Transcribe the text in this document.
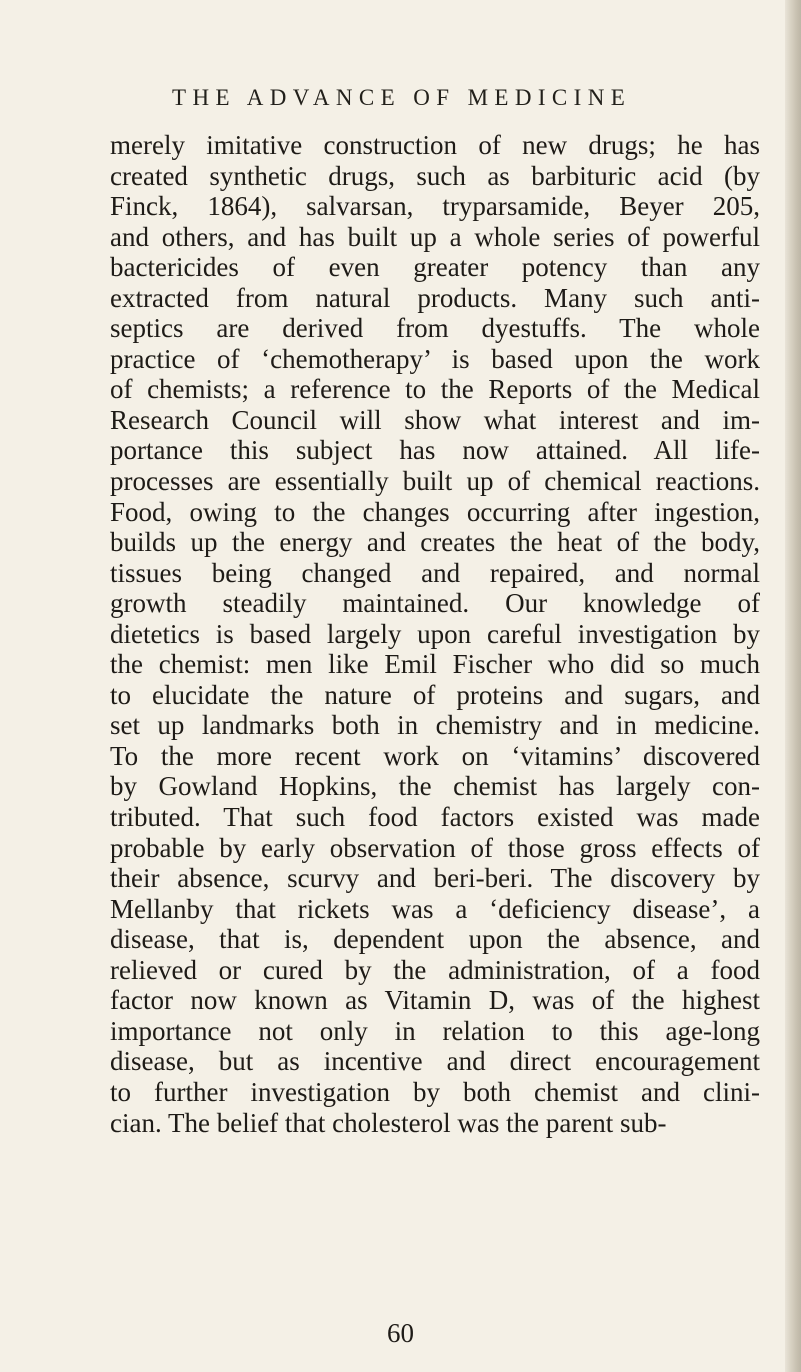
THE ADVANCE OF MEDICINE
merely imitative construction of new drugs; he has
created synthetic drugs, such as barbituric acid (by
Finck, 1864), salvarsan, tryparsamide, Beyer 205,
and others, and has built up a whole series of powerful
bactericides of even greater potency than any
extracted from natural products. Many such anti-
septics are derived from dyestuffs. The whole
practice of ‘chemotherapy’ is based upon the work
of chemists; a reference to the Reports of the Medical
Research Council will show what interest and im-
portance this subject has now attained. All life-
processes are essentially built up of chemical reactions.
Food, owing to the changes occurring after ingestion,
builds up the energy and creates the heat of the body,
tissues being changed and repaired, and normal
growth steadily maintained. Our knowledge of
dietetics is based largely upon careful investigation by
the chemist: men like Emil Fischer who did so much
to elucidate the nature of proteins and sugars, and
set up landmarks both in chemistry and in medicine.
To the more recent work on ‘vitamins’ discovered
by Gowland Hopkins, the chemist has largely con-
tributed. That such food factors existed was made
probable by early observation of those gross effects of
their absence, scurvy and beri-beri. The discovery by
Mellanby that rickets was a ‘deficiency disease’, a
disease, that is, dependent upon the absence, and
relieved or cured by the administration, of a food
factor now known as Vitamin D, was of the highest
importance not only in relation to this age-long
disease, but as incentive and direct encouragement
to further investigation by both chemist and clini-
cian. The belief that cholesterol was the parent sub-
60
